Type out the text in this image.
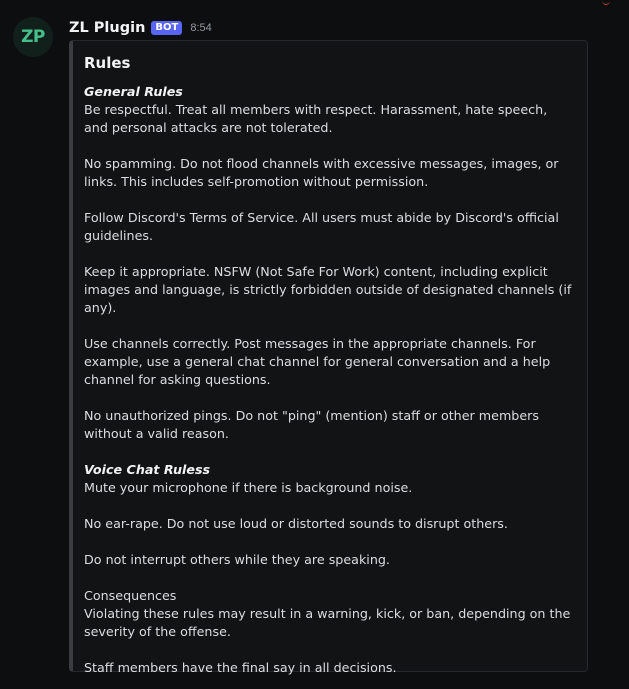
ZP ZL Plugin	BOT	8:54
Rules
General Rules

Be respectful. Treat all members with respect. Harassment, hate speech, and personal attacks are not tolerated.

No spamming. Do not flood channels with excessive messages, images, or links. This includes self-promotion without permission.

Follow Discord's Terms of Service. All users must abide by Discord's official guidelines.

Keep it appropriate. NSFW (Not Safe For Work) content, including explicit images and language, is strictly forbidden outside of designated channels (if any).

Use channels correctly. Post messages in the appropriate channels. For example, use a general chat channel for general conversation and a help channel for asking questions.

No unauthorized pings. Do not "ping" (mention) staff or other members without a valid reason.

Voice Chat Ruless

Mute your microphone if there is background noise.

No ear-rape. Do not use loud or distorted sounds to disrupt others.

Do not interrupt others while they are speaking.

Consequences

Violating these rules may result in a warning, kick, or ban, depending on the severity of the offense.

Staff members have the final say in all decisions.
